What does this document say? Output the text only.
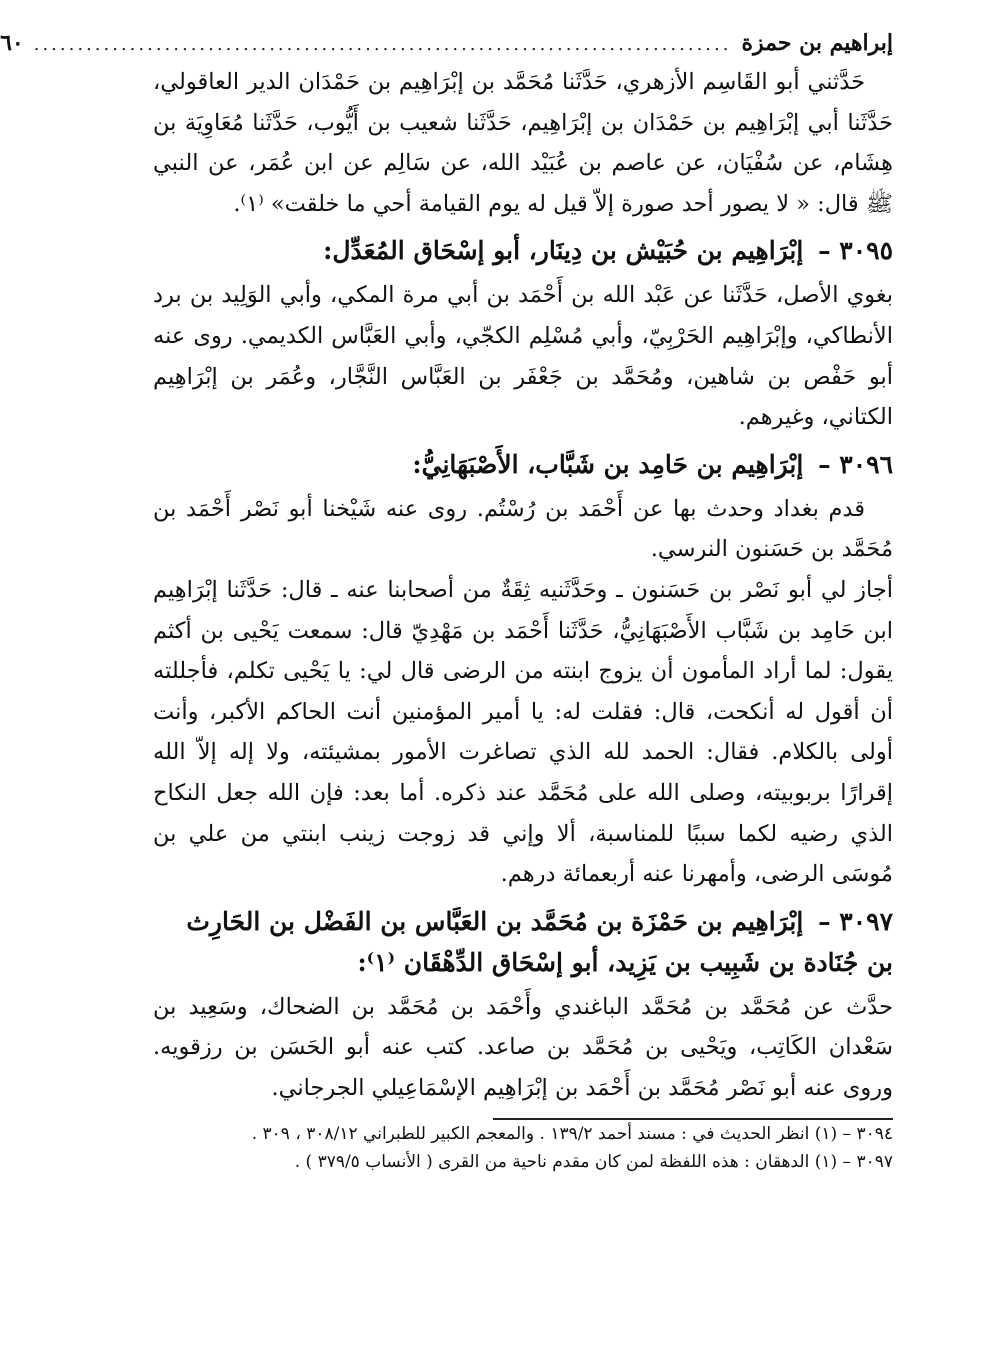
إبراهيم بن حمزة
................................................................................
٦٠

حَدَّثني أبو القَاسِم الأزهري، حَدَّثَنا مُحَمَّد بن إبْرَاهِيم بن حَمْدَان الدير العاقولي، حَدَّثَنا أبي إبْرَاهِيم بن حَمْدَان بن إبْرَاهِيم، حَدَّثَنا شعيب بن أَيُّوب، حَدَّثَنا مُعَاوِيَة بن هِشَام، عن سُفْيَان، عن عاصم بن عُبَيْد الله، عن سَالِم عن ابن عُمَر، عن النبي ﷺ قال: « لا يصور أحد صورة إلاّ قيل له يوم القيامة أحي ما خلقت» ⁽١⁾.

٣٠٩٥ – إبْرَاهِيم بن حُبَيْش بن دِينَار، أبو إسْحَاق المُعَدِّل:

بغوي الأصل، حَدَّثَنا عن عَبْد الله بن أَحْمَد بن أبي مرة المكي، وأبي الوَلِيد بن برد الأنطاكي، وإبْرَاهِيم الحَرْبِيّ، وأبي مُسْلِم الكجّي، وأبي العَبَّاس الكديمي. روى عنه أبو حَفْص بن شاهين، ومُحَمَّد بن جَعْفَر بن العَبَّاس النَّجَّار، وعُمَر بن إبْرَاهِيم الكتاني، وغيرهم.

٣٠٩٦ – إبْرَاهِيم بن حَامِد بن شَبَّاب، الأَصْبَهَانِيُّ:

قدم بغداد وحدث بها عن أَحْمَد بن رُسْتُم. روى عنه شَيْخنا أبو نَصْر أَحْمَد بن مُحَمَّد بن حَسَنون النرسي.

أجاز لي أبو نَصْر بن حَسَنون ـ وحَدَّثَنيه ثِقَةٌ من أصحابنا عنه ـ قال: حَدَّثَنا إبْرَاهِيم ابن حَامِد بن شَبَّاب الأَصْبَهَانِيُّ، حَدَّثَنا أَحْمَد بن مَهْدِيّ قال: سمعت يَحْيى بن أكثم يقول: لما أراد المأمون أن يزوج ابنته من الرضى قال لي: يا يَحْيى تكلم، فأجللته أن أقول له أنكحت، قال: فقلت له: يا أمير المؤمنين أنت الحاكم الأكبر، وأنت أولى بالكلام. فقال: الحمد لله الذي تصاغرت الأمور بمشيئته، ولا إله إلاّ الله إقرارًا بربوبيته، وصلى الله على مُحَمَّد عند ذكره. أما بعد: فإن الله جعل النكاح الذي رضيه لكما سببًا للمناسبة، ألا وإني قد زوجت زينب ابنتي من علي بن مُوسَى الرضى، وأمهرنا عنه أربعمائة درهم.

٣٠٩٧ – إبْرَاهِيم بن حَمْزَة بن مُحَمَّد بن العَبَّاس بن الفَضْل بن الحَارِث بن جُنَادة بن شَبِيب بن يَزِيد، أبو إسْحَاق الدِّهْقَان ⁽١⁾:

حدَّث عن مُحَمَّد بن مُحَمَّد الباغندي وأَحْمَد بن مُحَمَّد بن الضحاك، وسَعِيد بن سَعْدان الكَاتِب، ويَحْيى بن مُحَمَّد بن صاعد. كتب عنه أبو الحَسَن بن رزقويه. وروى عنه أبو نَصْر مُحَمَّد بن أَحْمَد بن إبْرَاهِيم الإسْمَاعِيلي الجرجاني.

٣٠٩٤ – (١) انظر الحديث في : مسند أحمد ١٣٩/٢ . والمعجم الكبير للطبراني ٣٠٨/١٢ ، ٣٠٩ .

٣٠٩٧ – (١) الدهقان : هذه اللفظة لمن كان مقدم ناحية من القرى ( الأنساب ٣٧٩/٥ ) .
